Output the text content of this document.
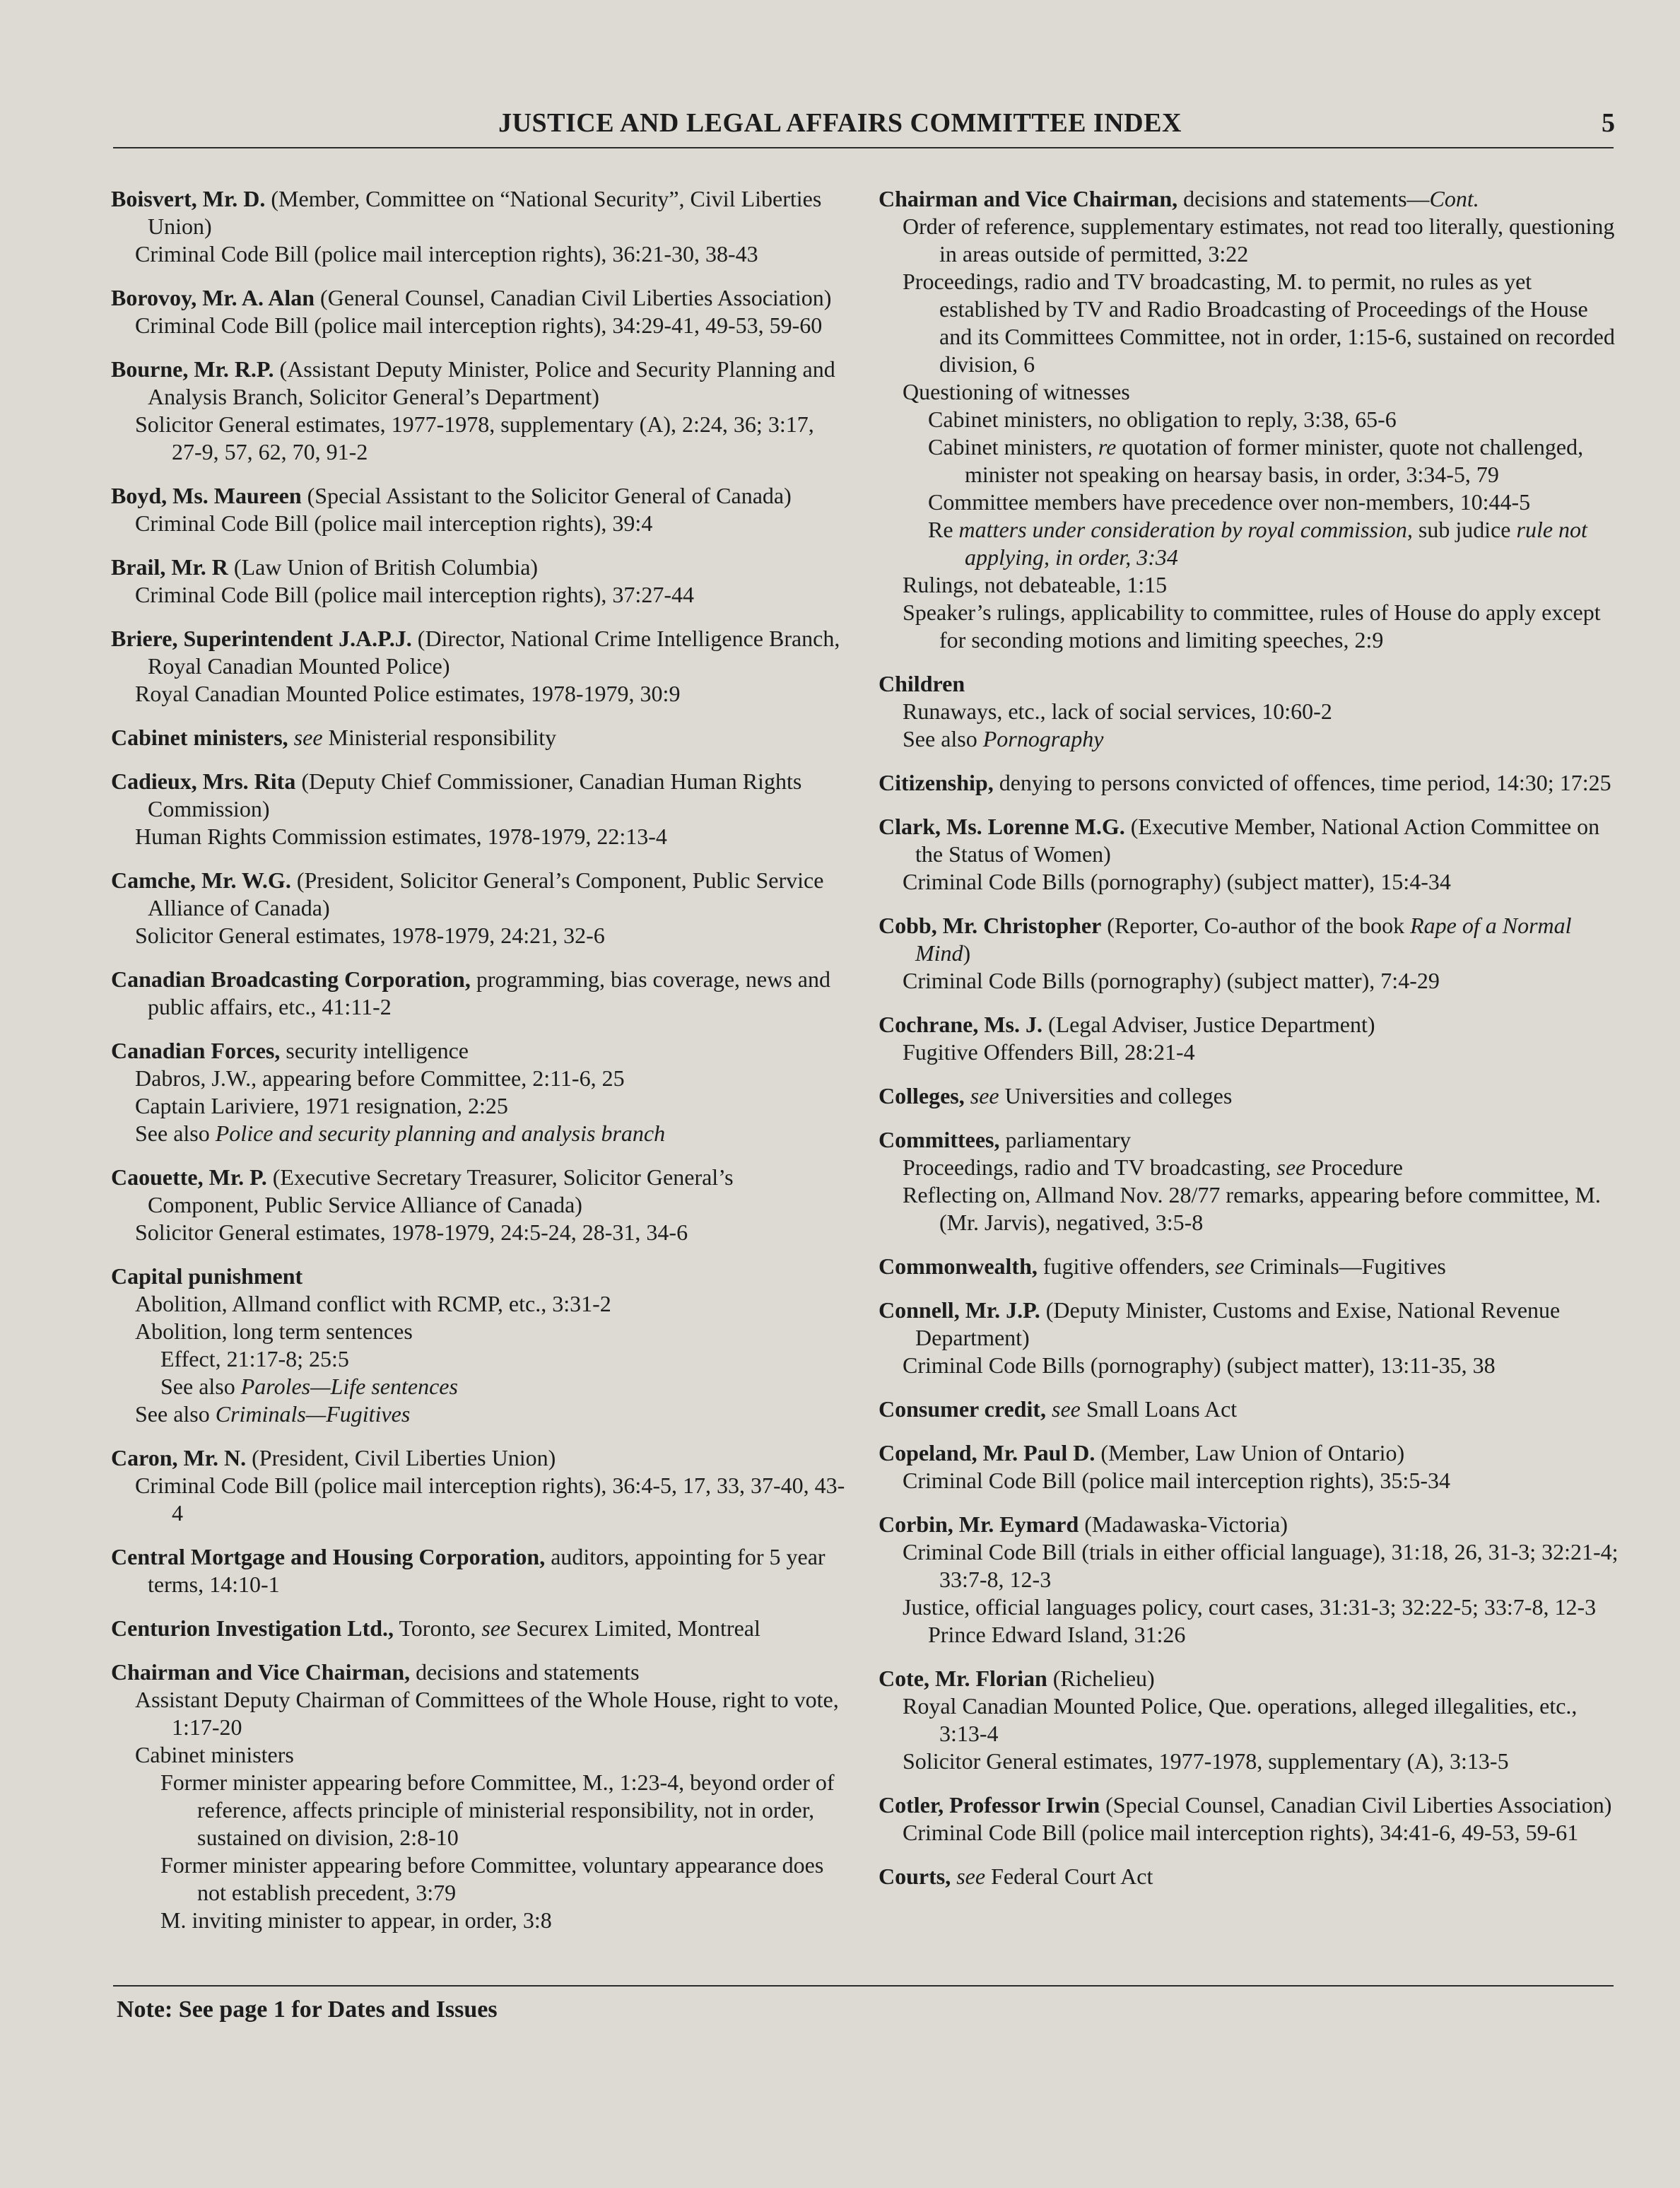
JUSTICE AND LEGAL AFFAIRS COMMITTEE INDEX	5
Boisvert, Mr. D. (Member, Committee on “National Security”, Civil Liberties Union)
Criminal Code Bill (police mail interception rights), 36:21-30, 38-43
Borovoy, Mr. A. Alan (General Counsel, Canadian Civil Liberties Association)
Criminal Code Bill (police mail interception rights), 34:29-41, 49-53, 59-60
Bourne, Mr. R.P. (Assistant Deputy Minister, Police and Security Planning and Analysis Branch, Solicitor General’s Department)
Solicitor General estimates, 1977-1978, supplementary (A), 2:24, 36; 3:17, 27-9, 57, 62, 70, 91-2
Boyd, Ms. Maureen (Special Assistant to the Solicitor General of Canada)
Criminal Code Bill (police mail interception rights), 39:4
Brail, Mr. R (Law Union of British Columbia)
Criminal Code Bill (police mail interception rights), 37:27-44
Briere, Superintendent J.A.P.J. (Director, National Crime Intelligence Branch, Royal Canadian Mounted Police)
Royal Canadian Mounted Police estimates, 1978-1979, 30:9
Cabinet ministers, see Ministerial responsibility
Cadieux, Mrs. Rita (Deputy Chief Commissioner, Canadian Human Rights Commission)
Human Rights Commission estimates, 1978-1979, 22:13-4
Camche, Mr. W.G. (President, Solicitor General’s Component, Public Service Alliance of Canada)
Solicitor General estimates, 1978-1979, 24:21, 32-6
Canadian Broadcasting Corporation, programming, bias coverage, news and public affairs, etc., 41:11-2
Canadian Forces, security intelligence
Dabros, J.W., appearing before Committee, 2:11-6, 25
Captain Lariviere, 1971 resignation, 2:25
See also Police and security planning and analysis branch
Caouette, Mr. P. (Executive Secretary Treasurer, Solicitor General’s Component, Public Service Alliance of Canada)
Solicitor General estimates, 1978-1979, 24:5-24, 28-31, 34-6
Capital punishment
Abolition, Allmand conflict with RCMP, etc., 3:31-2
Abolition, long term sentences
Effect, 21:17-8; 25:5
See also Paroles—Life sentences
See also Criminals—Fugitives
Caron, Mr. N. (President, Civil Liberties Union)
Criminal Code Bill (police mail interception rights), 36:4-5, 17, 33, 37-40, 43-4
Central Mortgage and Housing Corporation, auditors, appointing for 5 year terms, 14:10-1
Centurion Investigation Ltd., Toronto, see Securex Limited, Montreal
Chairman and Vice Chairman, decisions and statements
Assistant Deputy Chairman of Committees of the Whole House, right to vote, 1:17-20
Cabinet ministers
Former minister appearing before Committee, M., 1:23-4, beyond order of reference, affects principle of ministerial responsibility, not in order, sustained on division, 2:8-10
Former minister appearing before Committee, voluntary appearance does not establish precedent, 3:79
M. inviting minister to appear, in order, 3:8
Chairman and Vice Chairman, decisions and statements—Cont.
Order of reference, supplementary estimates, not read too literally, questioning in areas outside of permitted, 3:22
Proceedings, radio and TV broadcasting, M. to permit, no rules as yet established by TV and Radio Broadcasting of Proceedings of the House and its Committees Committee, not in order, 1:15-6, sustained on recorded division, 6
Questioning of witnesses
Cabinet ministers, no obligation to reply, 3:38, 65-6
Cabinet ministers, re quotation of former minister, quote not challenged, minister not speaking on hearsay basis, in order, 3:34-5, 79
Committee members have precedence over non-members, 10:44-5
Re matters under consideration by royal commission, sub judice rule not applying, in order, 3:34
Rulings, not debateable, 1:15
Speaker’s rulings, applicability to committee, rules of House do apply except for seconding motions and limiting speeches, 2:9
Children
Runaways, etc., lack of social services, 10:60-2
See also Pornography
Citizenship, denying to persons convicted of offences, time period, 14:30; 17:25
Clark, Ms. Lorenne M.G. (Executive Member, National Action Committee on the Status of Women)
Criminal Code Bills (pornography) (subject matter), 15:4-34
Cobb, Mr. Christopher (Reporter, Co-author of the book Rape of a Normal Mind)
Criminal Code Bills (pornography) (subject matter), 7:4-29
Cochrane, Ms. J. (Legal Adviser, Justice Department)
Fugitive Offenders Bill, 28:21-4
Colleges, see Universities and colleges
Committees, parliamentary
Proceedings, radio and TV broadcasting, see Procedure
Reflecting on, Allmand Nov. 28/77 remarks, appearing before committee, M. (Mr. Jarvis), negatived, 3:5-8
Commonwealth, fugitive offenders, see Criminals—Fugitives
Connell, Mr. J.P. (Deputy Minister, Customs and Exise, National Revenue Department)
Criminal Code Bills (pornography) (subject matter), 13:11-35, 38
Consumer credit, see Small Loans Act
Copeland, Mr. Paul D. (Member, Law Union of Ontario)
Criminal Code Bill (police mail interception rights), 35:5-34
Corbin, Mr. Eymard (Madawaska-Victoria)
Criminal Code Bill (trials in either official language), 31:18, 26, 31-3; 32:21-4; 33:7-8, 12-3
Justice, official languages policy, court cases, 31:31-3; 32:22-5; 33:7-8, 12-3
Prince Edward Island, 31:26
Cote, Mr. Florian (Richelieu)
Royal Canadian Mounted Police, Que. operations, alleged illegalities, etc., 3:13-4
Solicitor General estimates, 1977-1978, supplementary (A), 3:13-5
Cotler, Professor Irwin (Special Counsel, Canadian Civil Liberties Association)
Criminal Code Bill (police mail interception rights), 34:41-6, 49-53, 59-61
Courts, see Federal Court Act
Note: See page 1 for Dates and Issues
